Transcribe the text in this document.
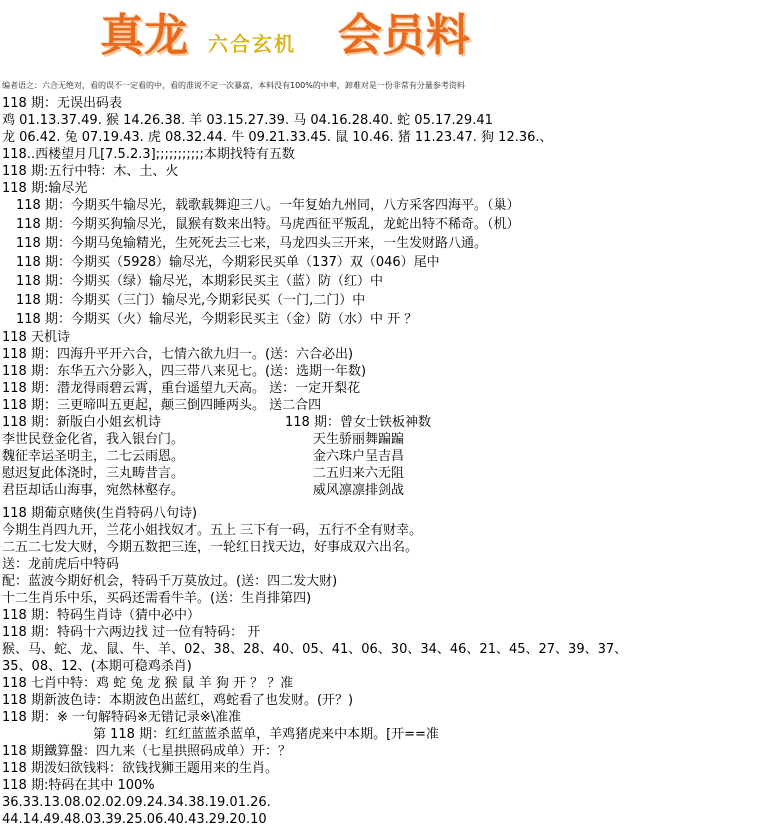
真龙 六合玄机 会员料
编者语之：六合无绝对，看的误不一定看的中，看的准说不定一次暴富，本料没有100%的中率，卸难对是一份非常有分量参考资料
118 期：无误出码表
鸡 01.13.37.49. 猴 14.26.38. 羊 03.15.27.39. 马 04.16.28.40. 蛇 05.17.29.41
龙 06.42. 兔 07.19.43. 虎 08.32.44. 牛 09.21.33.45. 鼠 10.46. 猪 11.23.47. 狗 12.36.、
118..西楼望月几[7.5.2.3];;;;;;;;;;;本期找特有五数
118 期:五行中特：木、土、火
118 期:输尽光
118 期：今期买牛输尽光，载歌载舞迎三八。一年复始九州同，八方采客四海平。（巢）
118 期：今期买狗输尽光，鼠猴有数来出特。马虎西征平叛乱，龙蛇出特不稀奇。（机）
118 期：今期马兔输精光，生死死去三七来，马龙四头三开来，一生发财路八通。
118 期：今期买（5928）输尽光，今期彩民买单（137）双（046）尾中
118 期：今期买（绿）输尽光，本期彩民买主（蓝）防（红）中
118 期：今期买（三门）输尽光,今期彩民买（一门,二门）中
118 期：今期买（火）输尽光，今期彩民买主（金）防（水）中 开 ？
118 天机诗
118 期：四海升平开六合，七情六欲九归一。(送：六合必出)
118 期：东华五六分影入，四三带八来见七。(送：选期一年数)
118 期：潜龙得雨碧云霄，重台遥望九天高。 送：一定开梨花
118 期：三更啼叫五更起，颠三倒四睡两头。 送二合四
118 期：新版白小姐玄机诗	118 期：曾女士铁板神数
李世民登金化省，我入银台门。	天生骄丽舞蹁蹁
魏征幸运圣明主，二七云雨恩。	金六珠户呈吉昌
慰迟复此体浇时，三丸畴昔言。	二五归来六无阻
君臣却话山海事，宛然林壑存。	威风凛凛排剑战
118 期葡京赌侠(生肖特码八句诗)
今期生肖四九开，兰花小姐找奴才。五上 三下有一码，五行不全有财幸。
二五二七发大财，今期五数把三连，一轮红日找天边，好事成双六出名。
送：龙前虎后中特码
配：蓝波今期好机会，特码千万莫放过。(送：四二发大财)
十二生肖乐中乐，买码还需看牛羊。(送：生肖排第四)
118 期：特码生肖诗（猜中必中）
118 期：特码十六两边找 过一位有特码： 开
猴、马、蛇、龙、鼠、牛、羊、02、38、28、40、05、41、06、30、34、46、21、45、27、39、37、
35、08、12、(本期可稳鸡杀肖)
118 七肖中特：鸡 蛇 兔 龙 猴 鼠 羊 狗 开 ？ ？准
118 期新波色诗：本期波色出蓝红，鸡蛇看了也发财。(开？)
118 期：※ 一句解特码※无错记录※\准准
第 118 期：红红蓝蓝杀蓝单，羊鸡猪虎来中本期。[开==准
118 期鐵算盤：四九来（七星拱照码成单）开：？
118 期泼妇欲钱料：欲钱找狮王题用来的生肖。
118 期:特码在其中 100%
36.33.13.08.02.02.09.24.34.38.19.01.26.
44.14.49.48.03.39.25.06.40.43.29.20.10
